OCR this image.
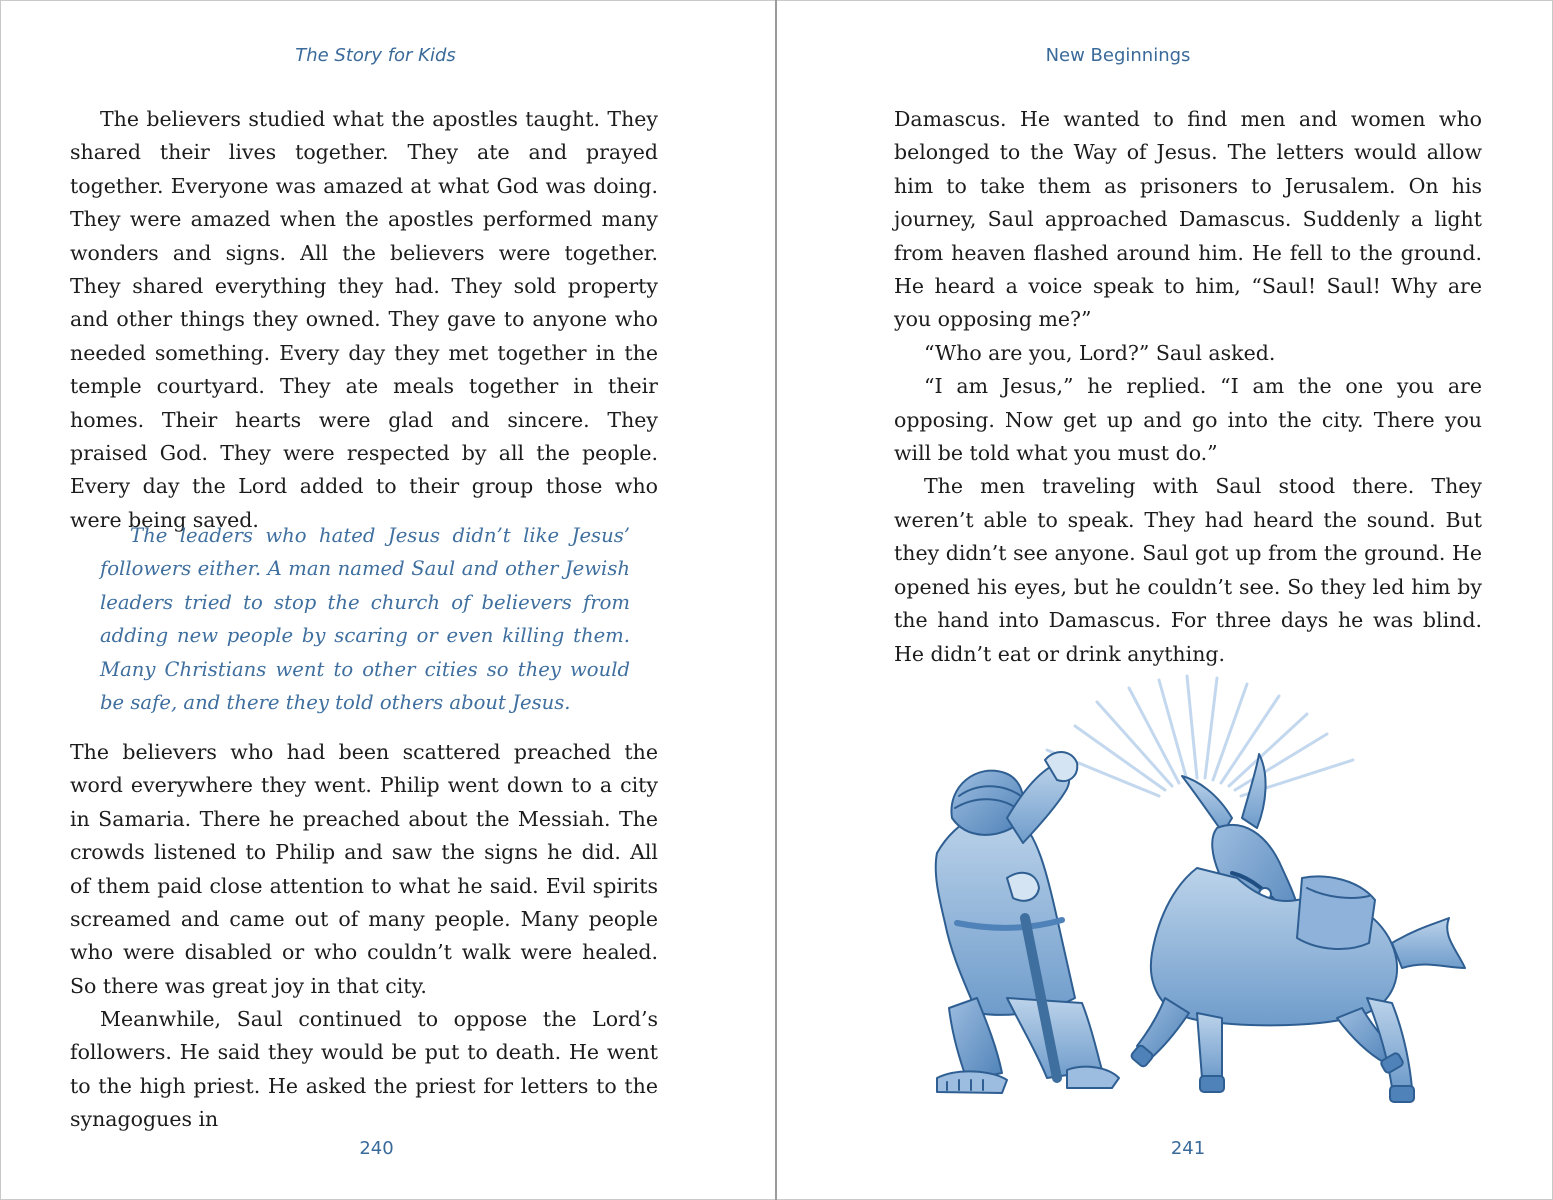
The Story for Kids

The believers studied what the apostles taught. They shared their lives together. They ate and prayed together. Everyone was amazed at what God was doing. They were amazed when the apostles performed many wonders and signs. All the believers were together. They shared everything they had. They sold property and other things they owned. They gave to anyone who needed something. Every day they met together in the temple courtyard. They ate meals together in their homes. Their hearts were glad and sincere. They praised God. They were respected by all the people. Every day the Lord added to their group those who were being saved.

The leaders who hated Jesus didn’t like Jesus’ followers either. A man named Saul and other Jewish leaders tried to stop the church of believers from adding new people by scaring or even killing them. Many Christians went to other cities so they would be safe, and there they told others about Jesus.

The believers who had been scattered preached the word everywhere they went. Philip went down to a city in Samaria. There he preached about the Messiah. The crowds listened to Philip and saw the signs he did. All of them paid close attention to what he said. Evil spirits screamed and came out of many people. Many people who were disabled or who couldn’t walk were healed. So there was great joy in that city.

Meanwhile, Saul continued to oppose the Lord’s followers. He said they would be put to death. He went to the high priest. He asked the priest for letters to the synagogues in

240
New Beginnings

Damascus. He wanted to find men and women who belonged to the Way of Jesus. The letters would allow him to take them as prisoners to Jerusalem. On his journey, Saul approached Damascus. Suddenly a light from heaven flashed around him. He fell to the ground. He heard a voice speak to him, “Saul! Saul! Why are you opposing me?”

“Who are you, Lord?” Saul asked.

“I am Jesus,” he replied. “I am the one you are opposing. Now get up and go into the city. There you will be told what you must do.”

The men traveling with Saul stood there. They weren’t able to speak. They had heard the sound. But they didn’t see anyone. Saul got up from the ground. He opened his eyes, but he couldn’t see. So they led him by the hand into Damascus. For three days he was blind. He didn’t eat or drink anything.

241
